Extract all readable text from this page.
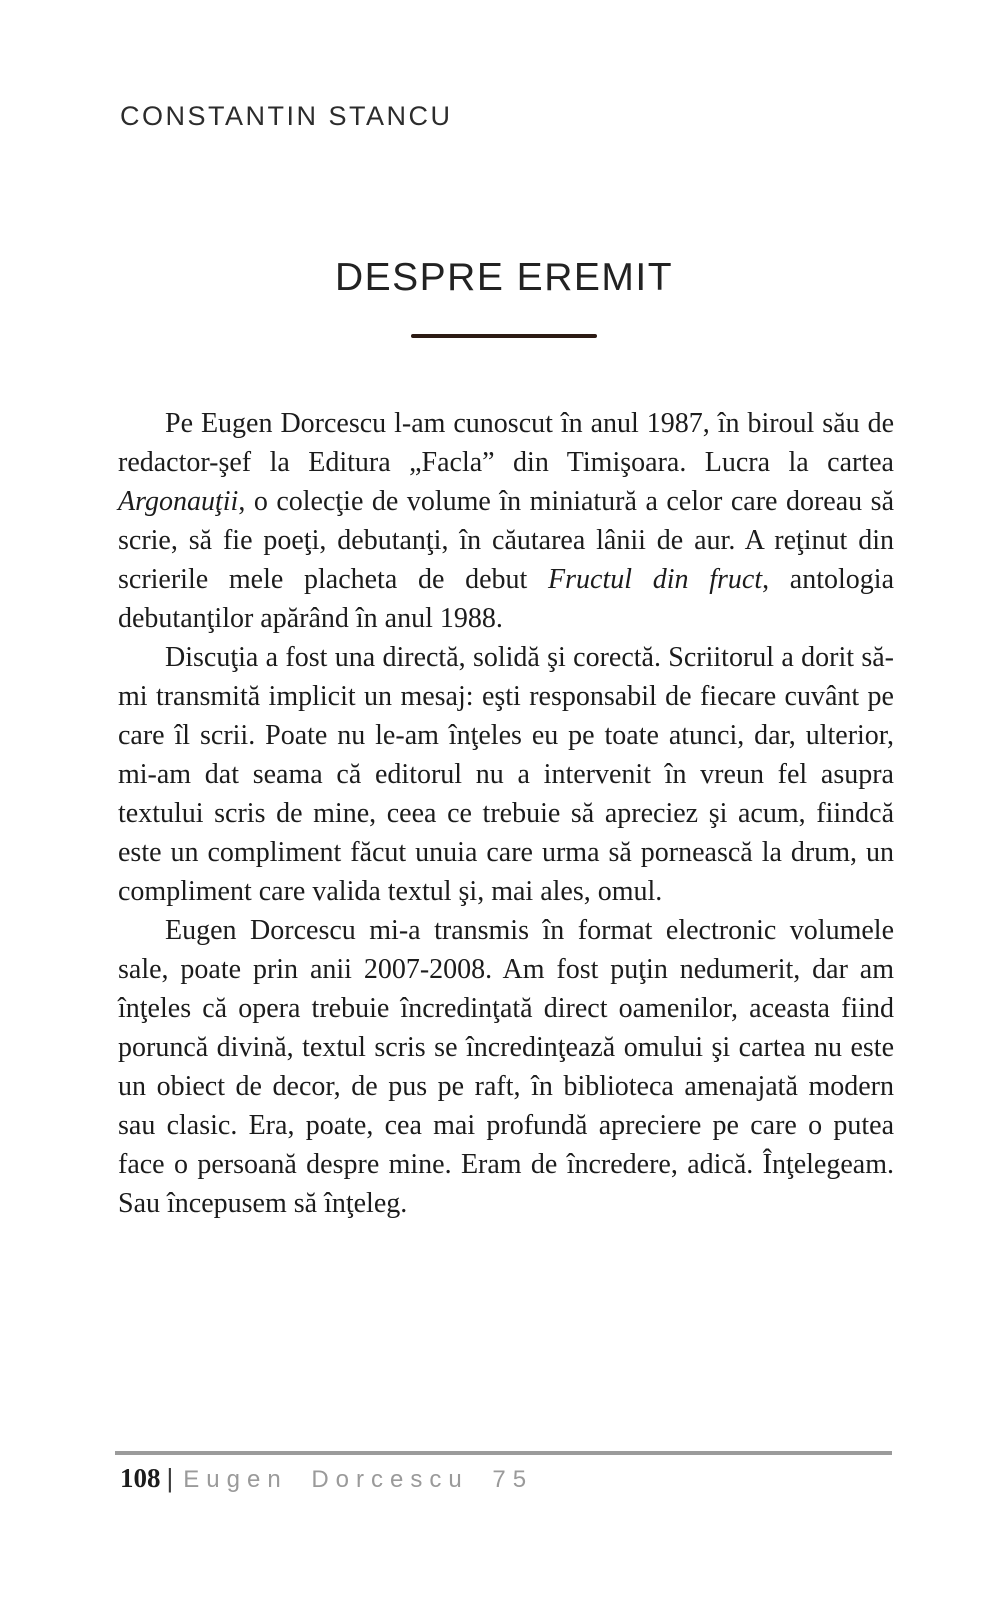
CONSTANTIN STANCU
DESPRE EREMIT

Pe Eugen Dorcescu l-am cunoscut în anul 1987, în biroul său de redactor-şef la Editura „Facla” din Timişoara. Lucra la cartea Argonauţii, o colecţie de volume în miniatură a celor care doreau să scrie, să fie poeţi, debutanţi, în căutarea lânii de aur. A reţinut din scrierile mele placheta de debut Fructul din fruct, antologia debutanţilor apărând în anul 1988.

Discuţia a fost una directă, solidă şi corectă. Scriitorul a dorit să-mi transmită implicit un mesaj: eşti responsabil de fiecare cuvânt pe care îl scrii. Poate nu le-am înţeles eu pe toate atunci, dar, ulterior, mi-am dat seama că editorul nu a intervenit în vreun fel asupra textului scris de mine, ceea ce trebuie să apreciez şi acum, fiindcă este un compliment făcut unuia care urma să pornească la drum, un compliment care valida textul şi, mai ales, omul.

Eugen Dorcescu mi-a transmis în format electronic volumele sale, poate prin anii 2007-2008. Am fost puţin nedumerit, dar am înţeles că opera trebuie încredinţată direct oamenilor, aceasta fiind poruncă divină, textul scris se încredinţează omului şi cartea nu este un obiect de decor, de pus pe raft, în biblioteca amenajată modern sau clasic. Era, poate, cea mai profundă apreciere pe care o putea face o persoană despre mine. Eram de încredere, adică. Înţelegeam. Sau începusem să înţeleg.

108 | Eugen Dorcescu 75
